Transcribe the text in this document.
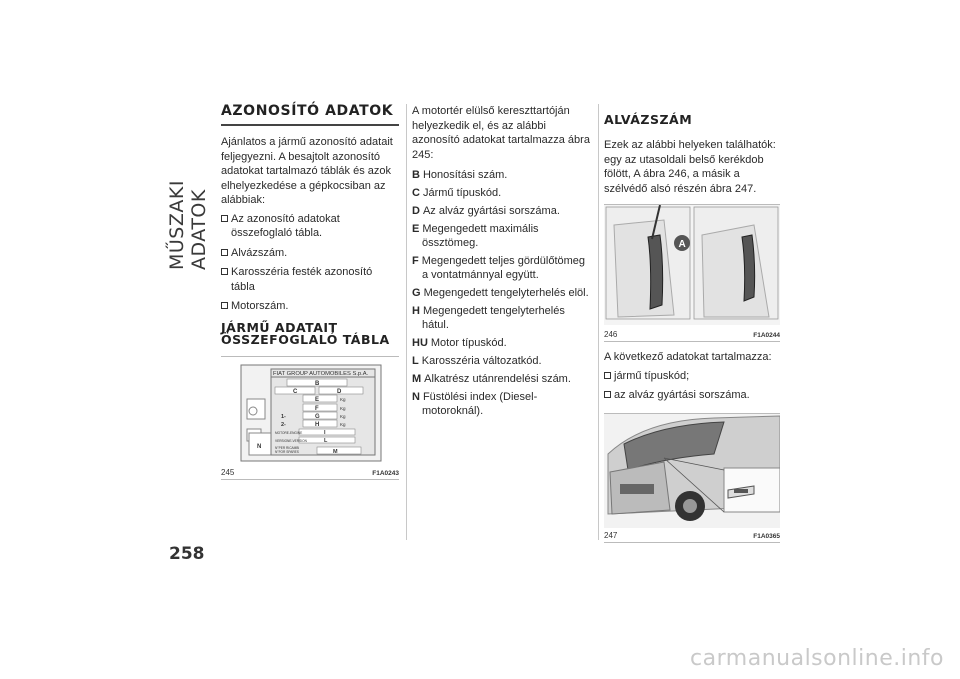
MŰSZAKI ADATOK
AZONOSÍTÓ ADATOK

Ajánlatos a jármű azonosító adatait feljegyezni. A besajtolt azonosító adatokat tartalmazó táblák és azok elhelyezkedése a gépkocsiban az alábbiak:

Az azonosító adatokat összefoglaló tábla.
Alvázszám.
Karosszéria festék azonosító tábla
Motorszám.
JÁRMŰ ADATAIT
ÖSSZEFOGLALÓ TÁBLA
FIAT GROUP AUTOMOBILES S.p.A.
B
C	D
E
F
G
H
Kg
Kg
Kg
Kg
1-
2-
MOTORE-ENGINE
VERSIONE-VERSION
N°PER RICAMBI
N°FOR SPARES
I
L
M
N
245	F1A0243

A motortér elülső kereszttartóján helyezkedik el, és az alábbi azonosító adatokat tartalmazza ábra 245:

B Honosítási szám.
C Jármű típuskód.
D Az alváz gyártási sorszáma.
E Megengedett maximális össztömeg.
F Megengedett teljes gördülőtömeg a vontatmánnyal együtt.
G Megengedett tengelyterhelés elöl.
H Megengedett tengelyterhelés hátul.
HU Motor típuskód.
L Karosszéria változatkód.
M Alkatrész utánrendelési szám.
N Füstölési index (Diesel-motoroknál).
ALVÁZSZÁM

Ezek az alábbi helyeken találhatók: egy az utasoldali belső kerékdob fölött, A ábra 246, a másik a szélvédő alsó részén ábra 247.

A
246	F1A0244

A következő adatokat tartalmazza:

jármű típuskód;
az alváz gyártási sorszáma.
247	F1A0365
258
carmanualsonline.info
